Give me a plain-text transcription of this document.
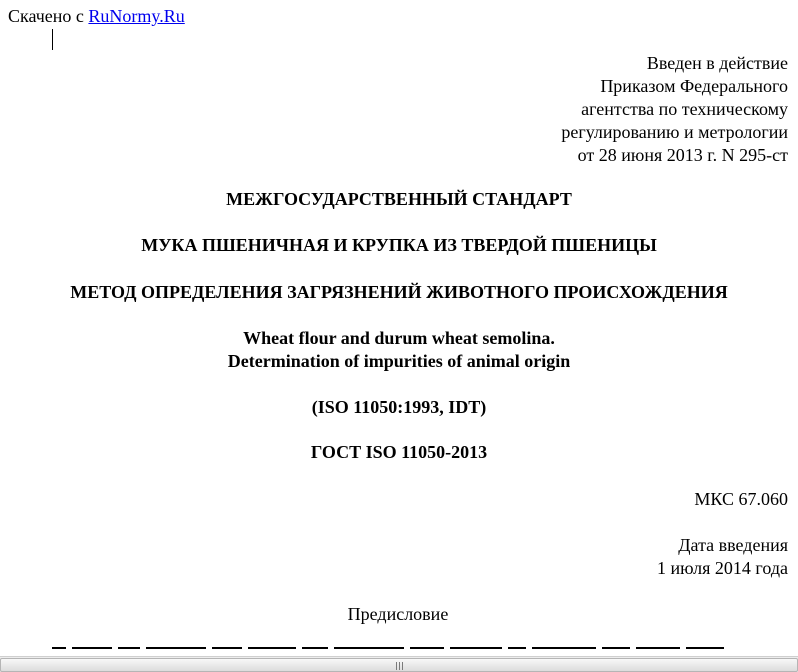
Скачено с RuNormy.Ru
Введен в действие
Приказом Федерального
агентства по техническому
регулированию и метрологии
от 28 июня 2013 г. N 295-ст
МЕЖГОСУДАРСТВЕННЫЙ СТАНДАРТ
МУКА ПШЕНИЧНАЯ И КРУПКА ИЗ ТВЕРДОЙ ПШЕНИЦЫ
МЕТОД ОПРЕДЕЛЕНИЯ ЗАГРЯЗНЕНИЙ ЖИВОТНОГО ПРОИСХОЖДЕНИЯ
Wheat flour and durum wheat semolina.
Determination of impurities of animal origin
(ISO 11050:1993, IDT)
ГОСТ ISO 11050-2013
МКС 67.060
Дата введения
1 июля 2014 года
Предисловие
